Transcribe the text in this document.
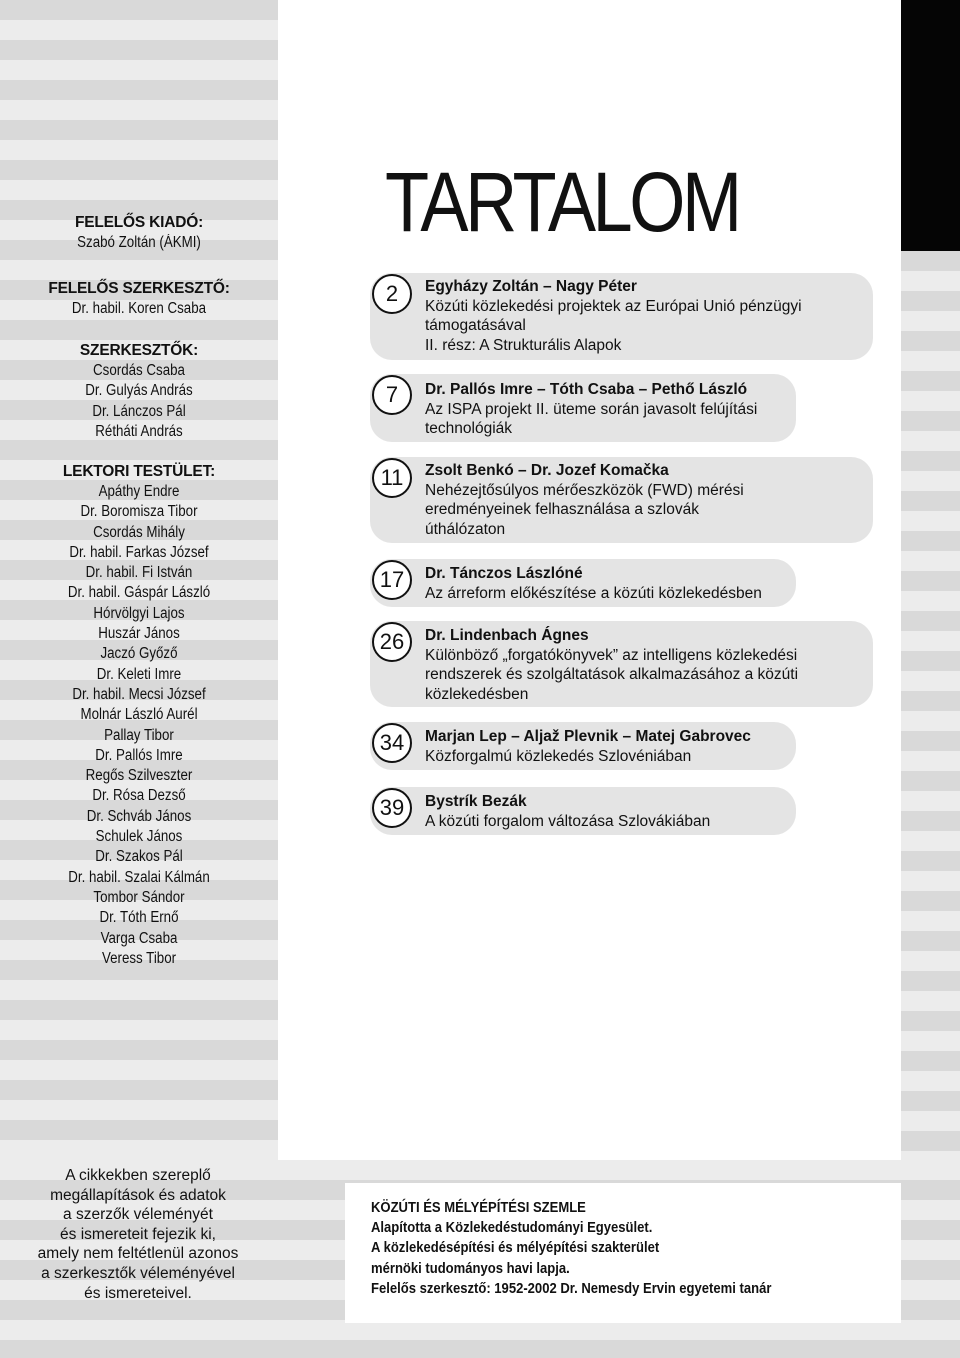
FELELŐS KIADÓ:
Szabó Zoltán (ÁKMI)
FELELŐS SZERKESZTŐ:
Dr. habil. Koren Csaba
SZERKESZTŐK:
Csordás Csaba
Dr. Gulyás András
Dr. Lánczos Pál
Rétháti András
LEKTORI TESTÜLET:
Apáthy Endre
Dr. Boromisza Tibor
Csordás Mihály
Dr. habil. Farkas József
Dr. habil. Fi István
Dr. habil. Gáspár László
Hórvölgyi Lajos
Huszár János
Jaczó Győző
Dr. Keleti Imre
Dr. habil. Mecsi József
Molnár László Aurél
Pallay Tibor
Dr. Pallós Imre
Regős Szilveszter
Dr. Rósa Dezső
Dr. Schváb János
Schulek János
Dr. Szakos Pál
Dr. habil. Szalai Kálmán
Tombor Sándor
Dr. Tóth Ernő
Varga Csaba
Veress Tibor
TARTALOM
2
7
11
17
26
34
39
Egyházy Zoltán – Nagy Péter
Közúti közlekedési projektek az Európai Unió pénzügyi
támogatásával
II. rész: A Strukturális Alapok
Dr. Pallós Imre – Tóth Csaba – Pethő László
Az ISPA projekt II. üteme során javasolt felújítási
technológiák
Zsolt Benkó – Dr. Jozef Komačka
Nehézejtősúlyos mérőeszközök (FWD) mérési
eredményeinek felhasználása a szlovák
úthálózaton
Dr. Tánczos Lászlóné
Az árreform előkészítése a közúti közlekedésben
Dr. Lindenbach Ágnes
Különböző „forgatókönyvek” az intelligens közlekedési
rendszerek és szolgáltatások alkalmazásához a közúti
közlekedésben
Marjan Lep – Aljaž Plevnik – Matej Gabrovec
Közforgalmú közlekedés Szlovéniában
Bystrík Bezák
A közúti forgalom változása Szlovákiában
A cikkekben szereplő
megállapítások és adatok
a szerzők véleményét
és ismereteit fejezik ki,
amely nem feltétlenül azonos
a szerkesztők véleményével
és ismereteivel.
KÖZÚTI ÉS MÉLYÉPÍTÉSI SZEMLE
Alapította a Közlekedéstudományi Egyesület.
A közlekedésépítési és mélyépítési szakterület
mérnöki tudományos havi lapja.
Felelős szerkesztő: 1952-2002 Dr. Nemesdy Ervin egyetemi tanár
